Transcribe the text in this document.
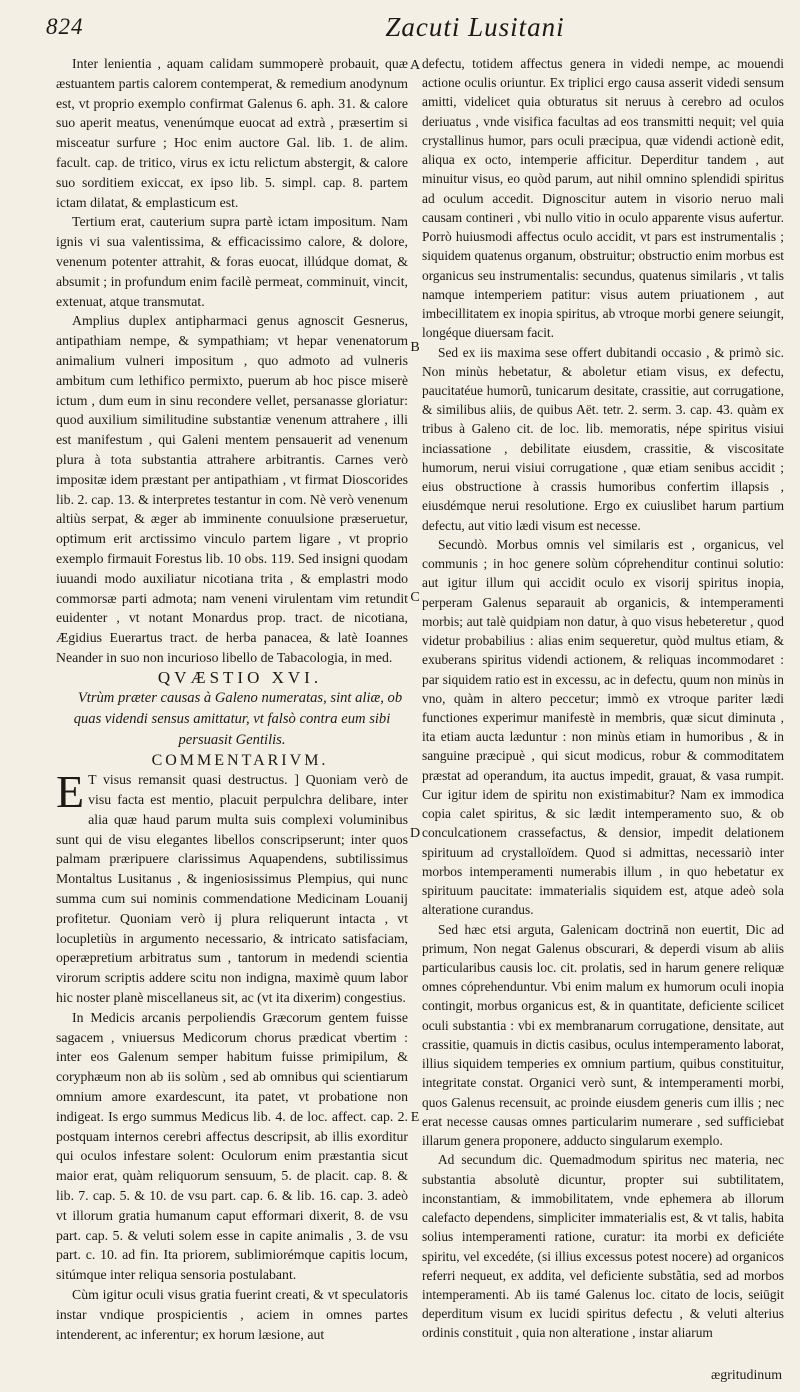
824	Zacuti Lusitani

Inter lenientia , aquam calidam summoperè probauit, quæ æstuantem partis calorem contemperat, & remedium anodynum est, vt proprio exemplo confirmat Galenus 6. aph. 31. & calore suo aperit meatus, venenúmque euocat ad extrà , præsertim si misceatur surfure ; Hoc enim auctore Gal. lib. 1. de alim. facult. cap. de tritico, virus ex ictu relictum abstergit, & calore suo sorditiem exiccat, ex ipso lib. 5. simpl. cap. 8. partem ictam dilatat, & emplasticum est.

Tertium erat, cauterium supra partè ictam impositum. Nam ignis vi sua valentissima, & efficacissimo calore, & dolore, venenum potenter attrahit, & foras euocat, illúdque domat, & absumit ; in profundum enim facilè permeat, comminuit, vincit, extenuat, atque transmutat.

Amplius duplex antipharmaci genus agnoscit Gesnerus, antipathiam nempe, & sympathiam; vt hepar venenatorum animalium vulneri impositum , quo admoto ad vulneris ambitum cum lethifico permixto, puerum ab hoc pisce miserè ictum , dum eum in sinu recondere vellet, persanasse gloriatur: quod auxilium similitudine substantiæ venenum attrahere , illi est manifestum , qui Galeni mentem pensauerit ad venenum plura à tota substantia attrahere arbitrantis. Carnes verò impositæ idem præstant per antipathiam , vt firmat Dioscorides lib. 2. cap. 13. & interpretes testantur in com. Nè verò venenum altiùs serpat, & æger ab imminente conuulsione præseruetur, optimum erit arctissimo vinculo partem ligare , vt proprio exemplo firmauit Forestus lib. 10 obs. 119. Sed insigni quodam iuuandi modo auxiliatur nicotiana trita , & emplastri modo commorsæ parti admota; nam veneni virulentam vim retundit euidenter , vt notant Monardus prop. tract. de nicotiana, Ægidius Euerartus tract. de herba panacea, & latè Ioannes Neander in suo non incurioso libello de Tabacologia, in med.

QVÆSTIO XVI.

Vtrùm præter causas à Galeno numeratas, sint aliæ, ob quas videndi sensus amittatur, vt falsò contra eum sibi persuasit Gentilis.

COMMENTARIVM.

E T visus remansit quasi destructus. ] Quoniam verò de visu facta est mentio, placuit perpulchra delibare, inter alia quæ haud parum multa suis complexi voluminibus sunt qui de visu elegantes libellos conscripserunt; inter quos palmam præripuere clarissimus Aquapendens, subtilissimus Montaltus Lusitanus , & ingeniosissimus Plempius, qui nunc summa cum sui nominis commendatione Medicinam Louanij profitetur. Quoniam verò ij plura reliquerunt intacta , vt locupletiùs in argumento necessario, & intricato satisfaciam, operæpretium arbitratus sum , tantorum in medendi scientia virorum scriptis addere scitu non indigna, maximè quum labor hic noster planè miscellaneus sit, ac (vt ita dixerim) congestius.

In Medicis arcanis perpoliendis Græcorum gentem fuisse sagacem , vniuersus Medicorum chorus prædicat vbertim : inter eos Galenum semper habitum fuisse primipilum, & coryphæum non ab iis solùm , sed ab omnibus qui scientiarum omnium amore exardescunt, ita patet, vt probatione non indigeat. Is ergo summus Medicus lib. 4. de loc. affect. cap. 2. postquam internos cerebri affectus descripsit, ab illis exorditur qui oculos infestare solent: Oculorum enim præstantia sicut maior erat, quàm reliquorum sensuum, 5. de placit. cap. 8. & lib. 7. cap. 5. & 10. de vsu part. cap. 6. & lib. 16. cap. 3. adeò vt illorum gratia humanum caput efformari dixerit, 8. de vsu part. cap. 5. & veluti solem esse in capite animalis , 3. de vsu part. c. 10. ad fin. Ita priorem, sublimiorémque capitis locum, sitúmque inter reliqua sensoria postulabant.

Cùm igitur oculi visus gratia fuerint creati, & vt speculatoris instar vndique prospicientis , aciem in omnes partes intenderent, ac inferentur; ex horum læsione, aut

A
B
C
D
E

defectu, totidem affectus genera in videdi nempe, ac mouendi actione oculis oriuntur. Ex triplici ergo causa asserit videdi sensum amitti, videlicet quia obturatus sit neruus à cerebro ad oculos deriuatus , vnde visifica facultas ad eos transmitti nequit; vel quia crystallinus humor, pars oculi præcipua, quæ videndi actionè edit, aliqua ex octo, intemperie afficitur. Deperditur tandem , aut minuitur visus, eo quòd parum, aut nihil omnino splendidi spiritus ad oculum accedit. Dignoscitur autem in visorio neruo mali causam contineri , vbi nullo vitio in oculo apparente visus aufertur. Porrò huiusmodi affectus oculo accidit, vt pars est instrumentalis ; siquidem quatenus organum, obstruitur; obstructio enim morbus est organicus seu instrumentalis: secundus, quatenus similaris , vt talis namque intemperiem patitur: visus autem priuationem , aut imbecillitatem ex inopia spiritus, ab vtroque morbi genere seiungit, longéque diuersam facit.

Sed ex iis maxima sese offert dubitandi occasio , & primò sic. Non minùs hebetatur, & aboletur etiam visus, ex defectu, paucitatéue humorũ, tunicarum desitate, crassitie, aut corrugatione, & similibus aliis, de quibus Aët. tetr. 2. serm. 3. cap. 43. quàm ex tribus à Galeno cit. de loc. lib. memoratis, népe spiritus visiui inciassatione , debilitate eiusdem, crassitie, & viscositate humorum, nerui visiui corrugatione , quæ etiam senibus accidit ; eius obstructione à crassis humoribus confertim illapsis , eiusdémque nerui resolutione. Ergo ex cuiuslibet harum partium defectu, aut vitio lædi visum est necesse.

Secundò. Morbus omnis vel similaris est , organicus, vel communis ; in hoc genere solùm cóprehenditur continui solutio: aut igitur illum qui accidit oculo ex visorij spiritus inopia, perperam Galenus separauit ab organicis, & intemperamenti morbis; aut talè quidpiam non datur, à quo visus hebeteretur , quod videtur probabilius : alias enim sequeretur, quòd multus etiam, & exuberans spiritus videndi actionem, & reliquas incommodaret : par siquidem ratio est in excessu, ac in defectu, quum non minùs in vno, quàm in altero peccetur; immò ex vtroque pariter lædi functiones experimur manifestè in membris, quæ sicut diminuta , ita etiam aucta læduntur : non minùs etiam in humoribus , & in sanguine præcipuè , qui sicut modicus, robur & commoditatem præstat ad operandum, ita auctus impedit, grauat, & vasa rumpit. Cur igitur idem de spiritu non existimabitur? Nam ex immodica copia calet spiritus, & sic lædit intemperamento suo, & ob conculcationem crassefactus, & densior, impedit delationem spirituum ad crystalloïdem. Quod si admittas, necessariò inter morbos intemperamenti numerabis illum , in quo hebetatur ex spirituum paucitate: immaterialis siquidem est, atque adeò sola alteratione curandus.

Sed hæc etsi arguta, Galenicam doctrinā non euertit, Dic ad primum, Non negat Galenus obscurari, & deperdi visum ab aliis particularibus causis loc. cit. prolatis, sed in harum genere reliquæ omnes cóprehenduntur. Vbi enim malum ex humorum oculi inopia contingit, morbus organicus est, & in quantitate, deficiente scilicet oculi substantia : vbi ex membranarum corrugatione, densitate, aut crassitie, quamuis in dictis casibus, oculus intemperamento laborat, illius siquidem temperies ex omnium partium, quibus constituitur, integritate constat. Organici verò sunt, & intemperamenti morbi, quos Galenus recensuit, ac proinde eiusdem generis cum illis ; nec erat necesse causas omnes particularim numerare , sed sufficiebat illarum genera proponere, adducto singularum exemplo.

Ad secundum dic. Quemadmodum spiritus nec materia, nec substantia absolutè dicuntur, propter sui subtilitatem, inconstantiam, & immobilitatem, vnde ephemera ab illorum calefacto dependens, simpliciter immaterialis est, & vt talis, habita solius intemperamenti ratione, curatur: ita morbi ex deficiéte spiritu, vel excedéte, (si illius excessus potest nocere) ad organicos referri nequeut, ex addita, vel deficiente substãtia, sed ad morbos intemperamenti. Ab iis tamé Galenus loc. citato de locis, seiūgit deperditum visum ex lucidi spiritus defectu , & veluti alterius ordinis constituit , quia non alteratione , instar aliarum

ægritudinum
